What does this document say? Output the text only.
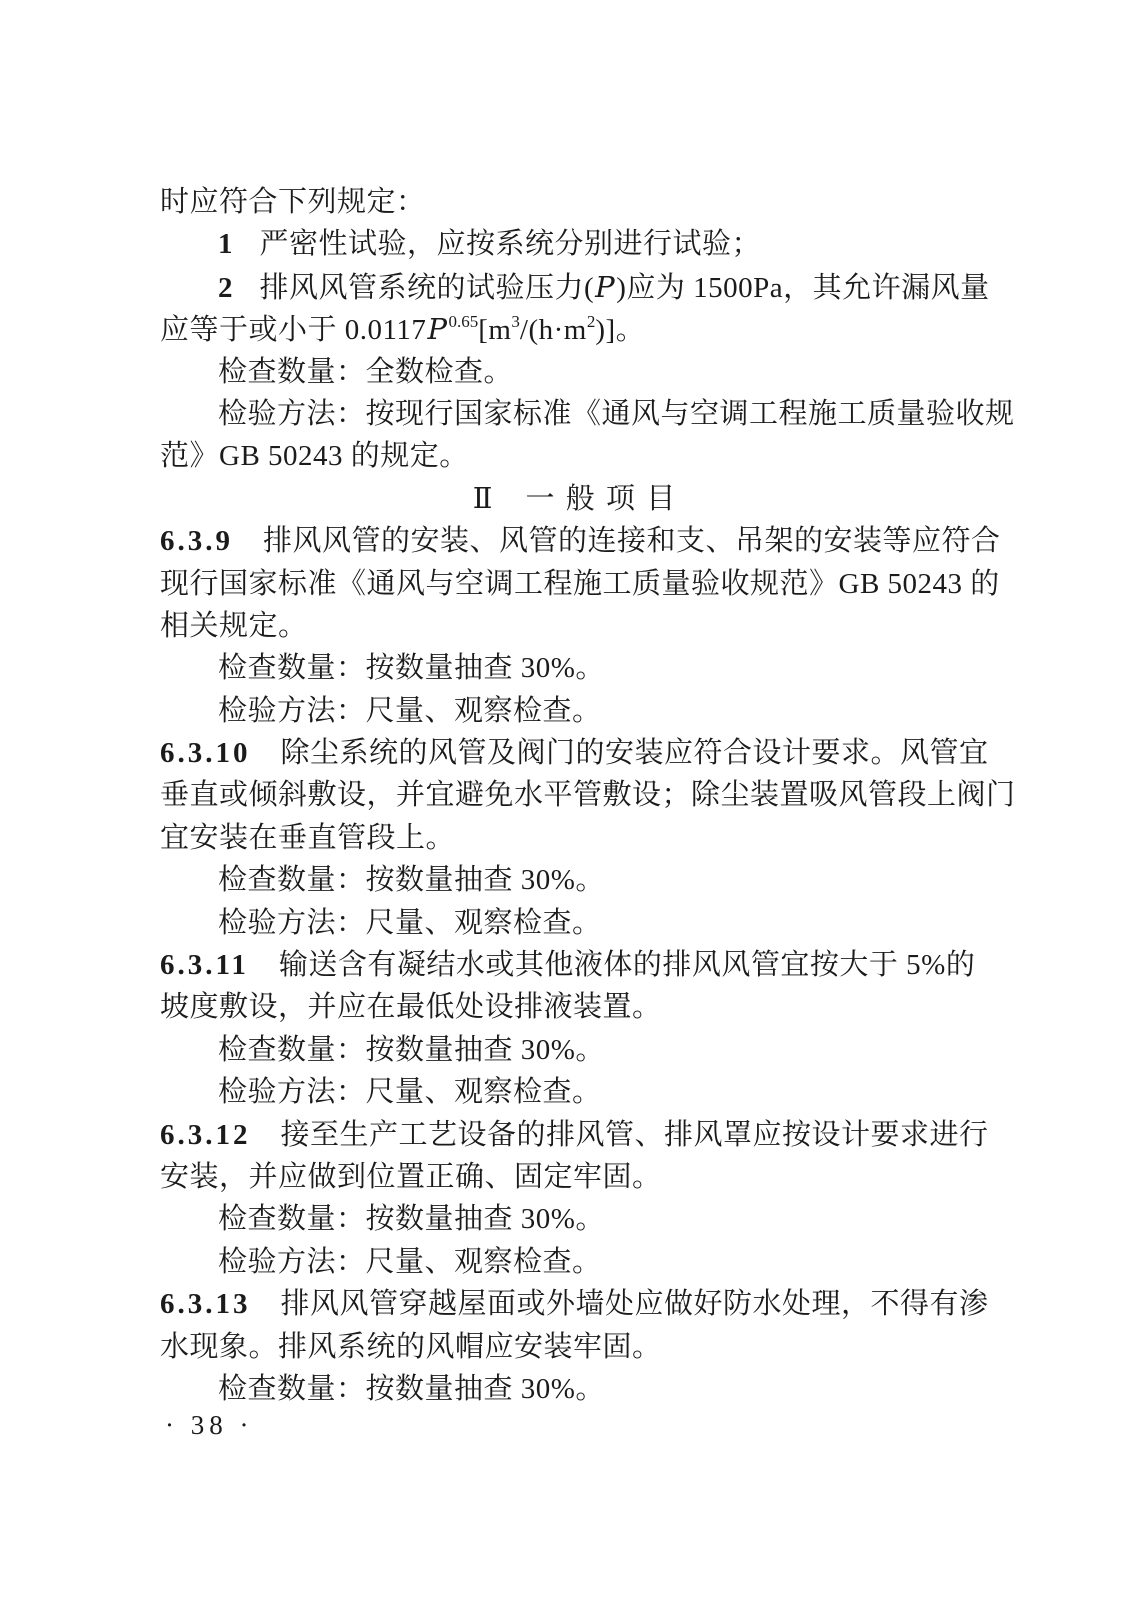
时应符合下列规定：
1 严密性试验，应按系统分别进行试验；
2 排风风管系统的试验压力(P)应为 1500Pa，其允许漏风量
应等于或小于 $0.0117P^{0.65}[m^3/(h\cdot m^2)]$。
检查数量：全数检查。
检验方法：按现行国家标准《通风与空调工程施工质量验收规
范》GB 50243 的规定。
Ⅱ　一 般 项 目
6.3.9 排风风管的安装、风管的连接和支、吊架的安装等应符合
现行国家标准《通风与空调工程施工质量验收规范》GB 50243 的
相关规定。
检查数量：按数量抽查 30%。
检验方法：尺量、观察检查。
6.3.10 除尘系统的风管及阀门的安装应符合设计要求。风管宜
垂直或倾斜敷设，并宜避免水平管敷设；除尘装置吸风管段上阀门
宜安装在垂直管段上。
检查数量：按数量抽查 30%。
检验方法：尺量、观察检查。
6.3.11 输送含有凝结水或其他液体的排风风管宜按大于 5%的
坡度敷设，并应在最低处设排液装置。
检查数量：按数量抽查 30%。
检验方法：尺量、观察检查。
6.3.12 接至生产工艺设备的排风管、排风罩应按设计要求进行
安装，并应做到位置正确、固定牢固。
检查数量：按数量抽查 30%。
检验方法：尺量、观察检查。
6.3.13 排风风管穿越屋面或外墙处应做好防水处理，不得有渗
水现象。排风系统的风帽应安装牢固。
检查数量：按数量抽查 30%。
· 38 ·
